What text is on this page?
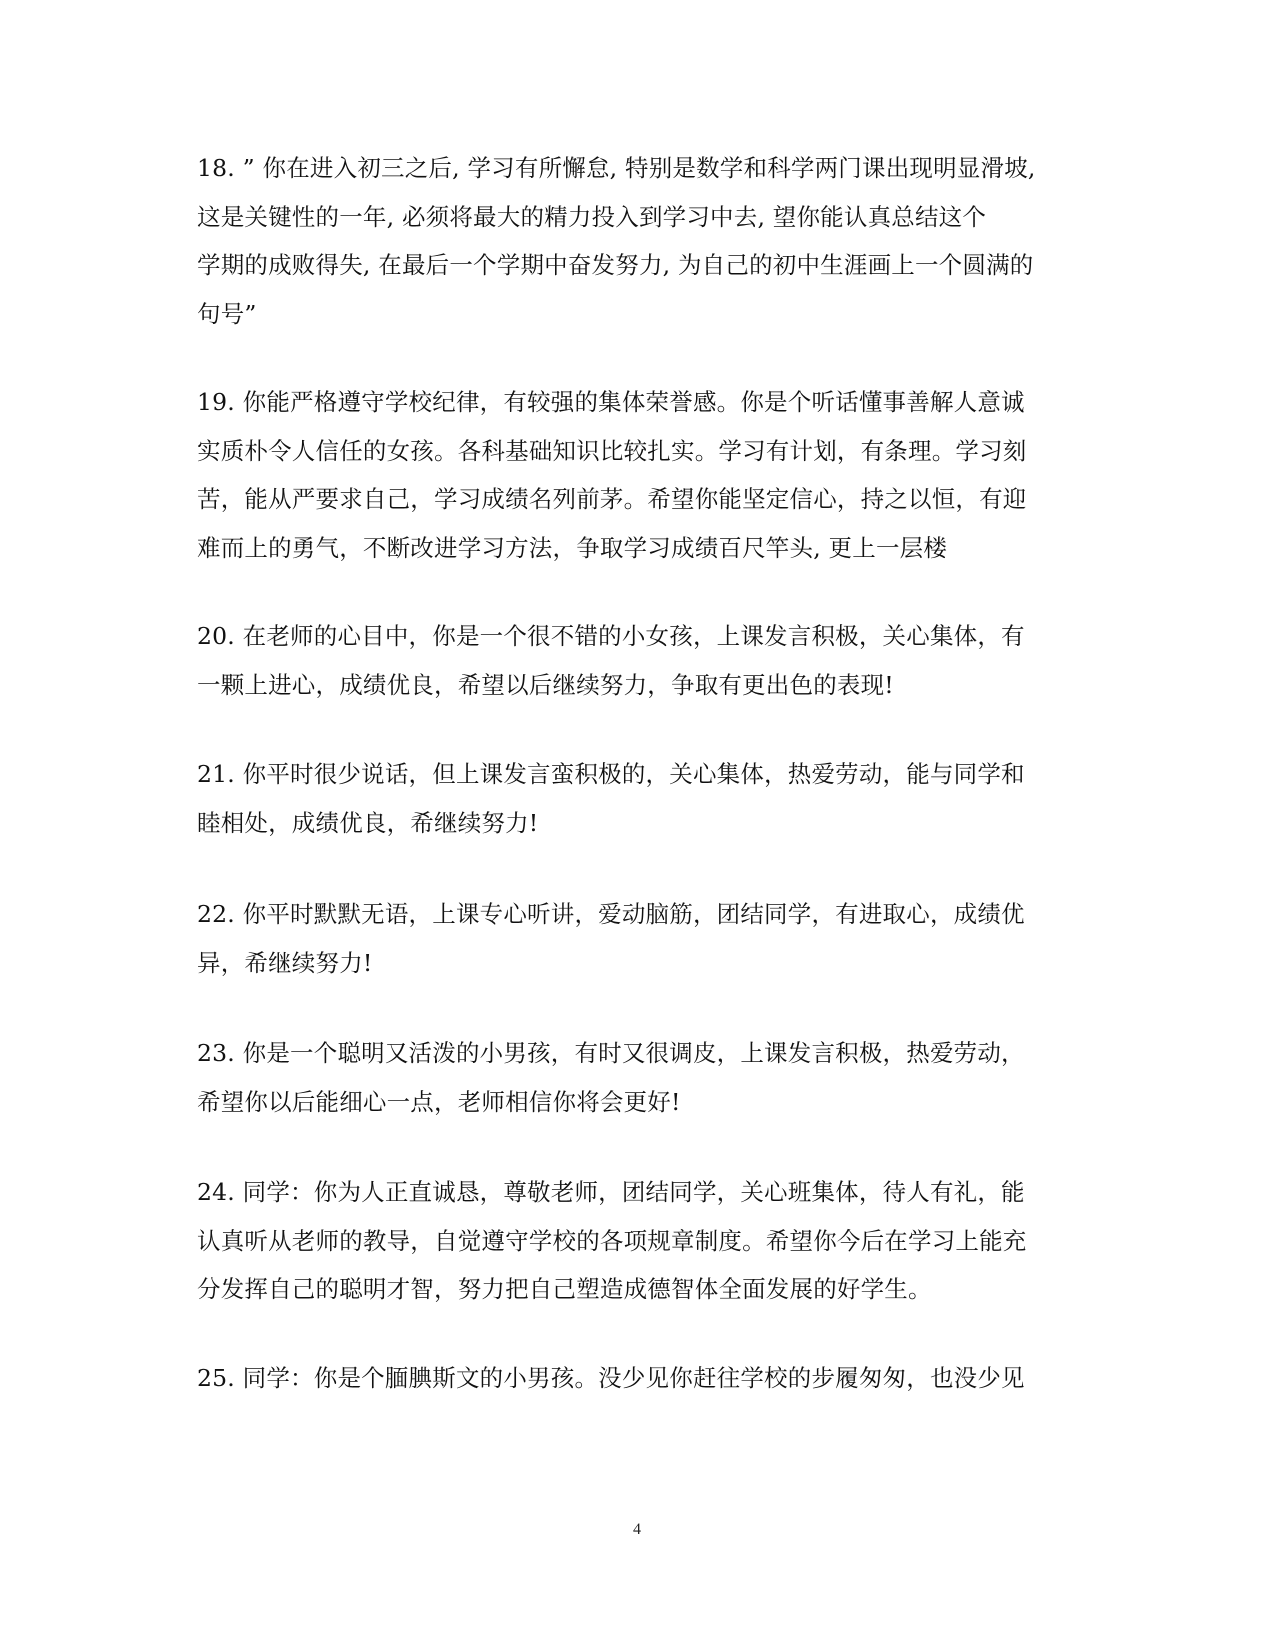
18. ” 你在进入初三之后, 学习有所懈怠, 特别是数学和科学两门课出现明显滑坡,
这是关键性的一年, 必须将最大的精力投入到学习中去, 望你能认真总结这个
学期的成败得失, 在最后一个学期中奋发努力, 为自己的初中生涯画上一个圆满的
句号”

19. 你能严格遵守学校纪律，有较强的集体荣誉感。你是个听话懂事善解人意诚
实质朴令人信任的女孩。各科基础知识比较扎实。学习有计划，有条理。学习刻
苦，能从严要求自己，学习成绩名列前茅。希望你能坚定信心，持之以恒，有迎
难而上的勇气，不断改进学习方法，争取学习成绩百尺竿头, 更上一层楼

20. 在老师的心目中，你是一个很不错的小女孩，上课发言积极，关心集体，有
一颗上进心，成绩优良，希望以后继续努力，争取有更出色的表现!

21. 你平时很少说话，但上课发言蛮积极的，关心集体，热爱劳动，能与同学和
睦相处，成绩优良，希继续努力!

22. 你平时默默无语，上课专心听讲，爱动脑筋，团结同学，有进取心，成绩优
异，希继续努力!

23. 你是一个聪明又活泼的小男孩，有时又很调皮，上课发言积极，热爱劳动，
希望你以后能细心一点，老师相信你将会更好!

24. 同学：你为人正直诚恳，尊敬老师，团结同学，关心班集体，待人有礼，能
认真听从老师的教导，自觉遵守学校的各项规章制度。希望你今后在学习上能充
分发挥自己的聪明才智，努力把自己塑造成德智体全面发展的好学生。

25. 同学：你是个腼腆斯文的小男孩。没少见你赶往学校的步履匆匆，也没少见

4
